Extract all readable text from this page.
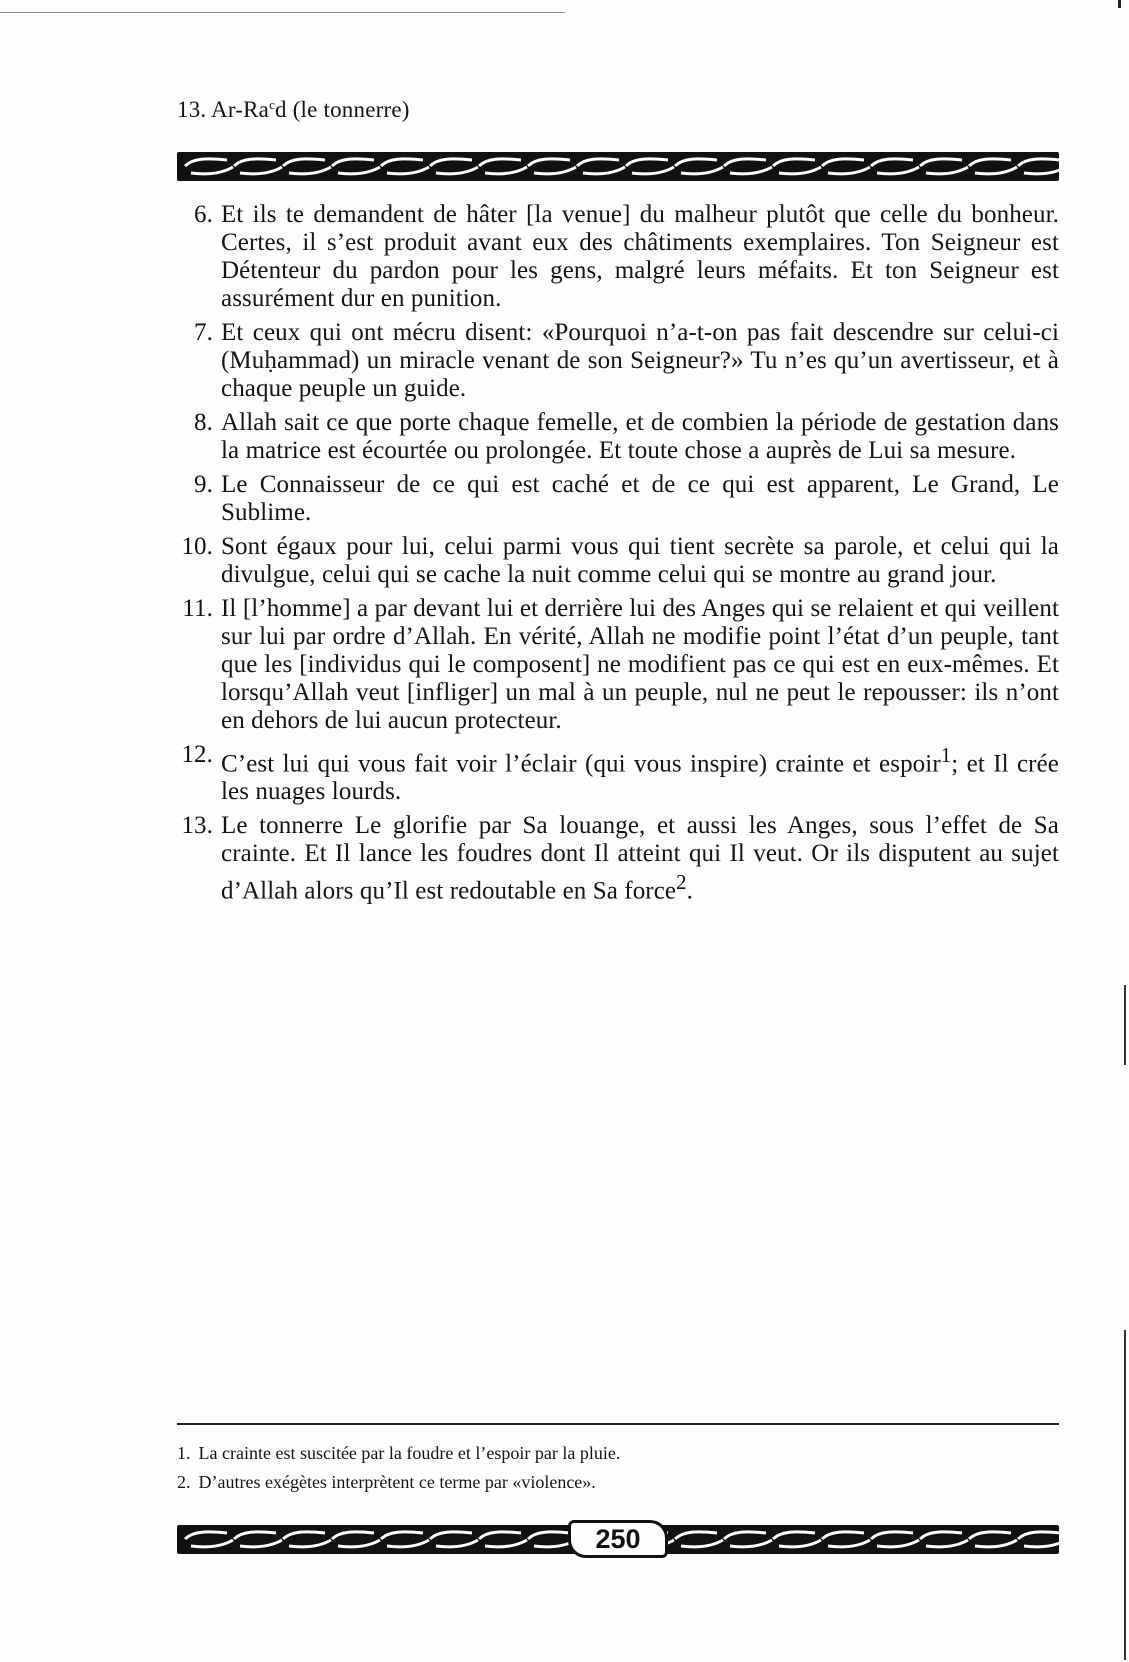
13. Ar-Ra$^c$d (le tonnerre)
6. Et ils te demandent de hâter [la venue] du malheur plutôt que celle du bonheur. Certes, il s’est produit avant eux des châtiments exemplaires. Ton Seigneur est Détenteur du pardon pour les gens, malgré leurs méfaits. Et ton Seigneur est assurément dur en punition.
7. Et ceux qui ont mécru disent: «Pourquoi n’a-t-on pas fait descendre sur celui-ci (Muḥammad) un miracle venant de son Seigneur?» Tu n’es qu’un avertisseur, et à chaque peuple un guide.
8. Allah sait ce que porte chaque femelle, et de combien la période de gestation dans la matrice est écourtée ou prolongée. Et toute chose a auprès de Lui sa mesure.
9. Le Connaisseur de ce qui est caché et de ce qui est apparent, Le Grand, Le Sublime.
10. Sont égaux pour lui, celui parmi vous qui tient secrète sa parole, et celui qui la divulgue, celui qui se cache la nuit comme celui qui se montre au grand jour.
11. Il [l’homme] a par devant lui et derrière lui des Anges qui se relaient et qui veillent sur lui par ordre d’Allah. En vérité, Allah ne modifie point l’état d’un peuple, tant que les [individus qui le composent] ne modifient pas ce qui est en eux-mêmes. Et lorsqu’Allah veut [infliger] un mal à un peuple, nul ne peut le repousser: ils n’ont en dehors de lui aucun protecteur.
12. C’est lui qui vous fait voir l’éclair (qui vous inspire) crainte et espoir$^1$; et Il crée les nuages lourds.
13. Le tonnerre Le glorifie par Sa louange, et aussi les Anges, sous l’effet de Sa crainte. Et Il lance les foudres dont Il atteint qui Il veut. Or ils disputent au sujet d’Allah alors qu’Il est redoutable en Sa force$^2$.
1. La crainte est suscitée par la foudre et l’espoir par la pluie.
2. D’autres exégètes interprètent ce terme par «violence».
250
